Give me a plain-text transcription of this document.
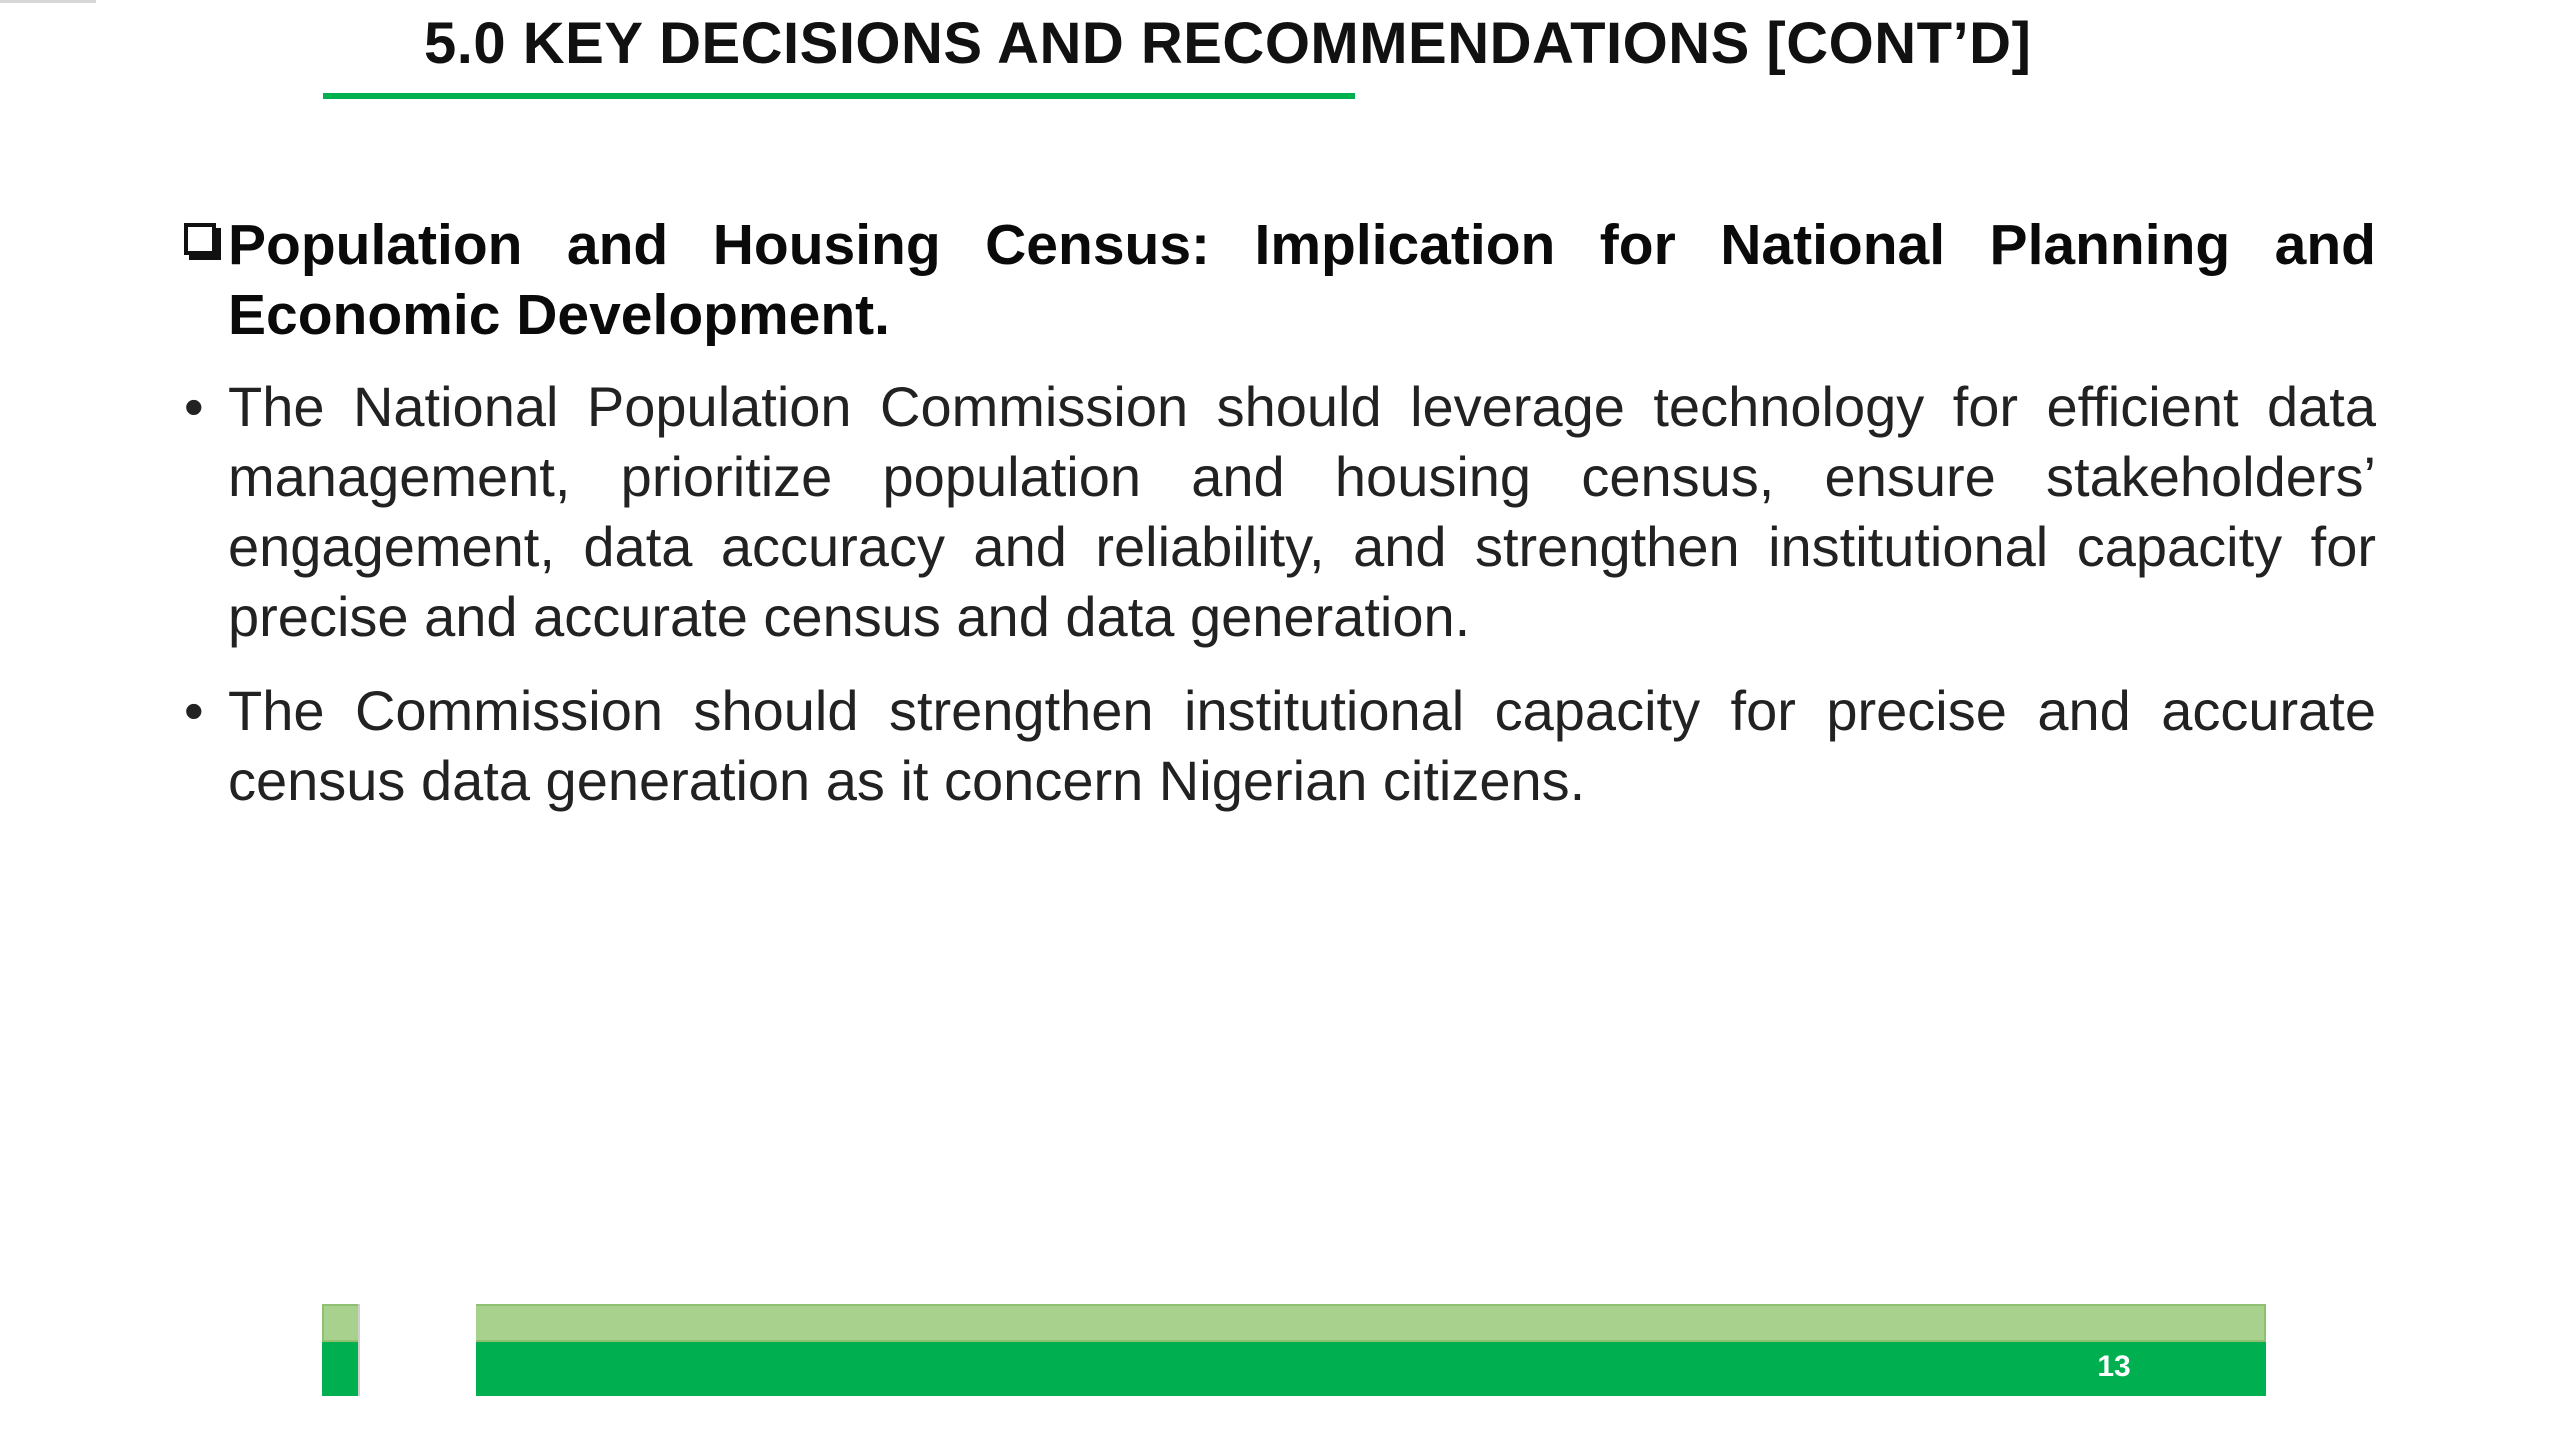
5.0 KEY DECISIONS AND RECOMMENDATIONS [CONT’D]
Population and Housing Census: Implication for National Planning and Economic Development.
• The National Population Commission should leverage technology for efficient data management, prioritize population and housing census, ensure stakeholders’ engagement, data accuracy and reliability, and strengthen institutional capacity for precise and accurate census and data generation.
• The Commission should strengthen institutional capacity for precise and accurate census data generation as it concern Nigerian citizens.
13
